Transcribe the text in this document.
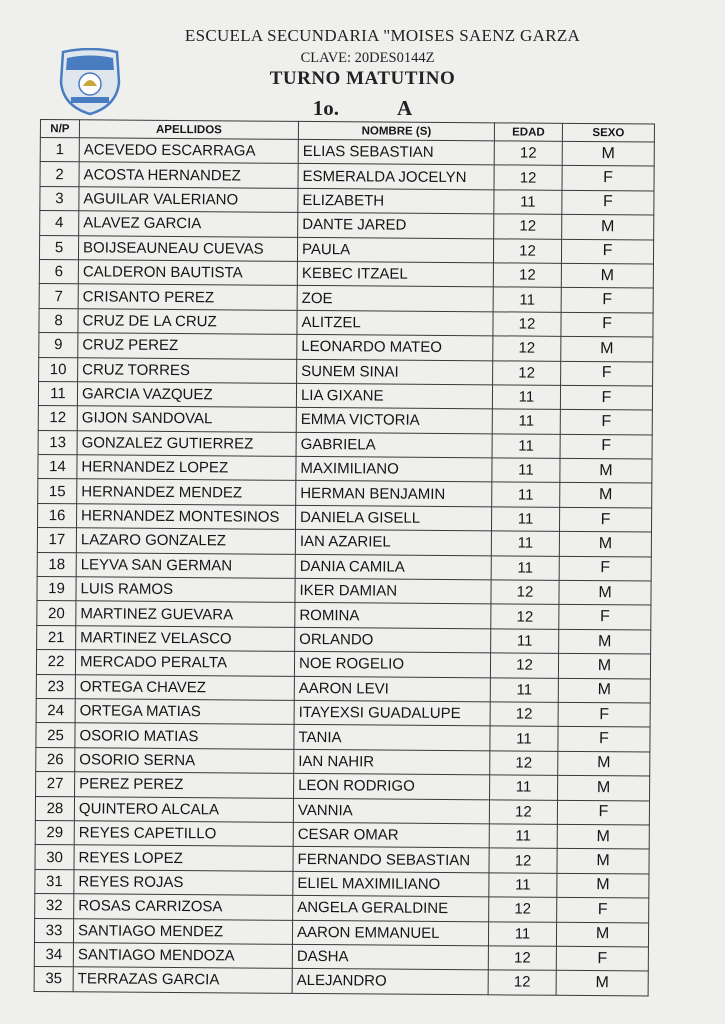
ESCUELA SECUNDARIA "MOISES SAENZ GARZA
CLAVE: 20DES0144Z
TURNO MATUTINO
1o.	A
N/P	APELLIDOS	NOMBRE (S)	EDAD	SEXO
1	ACEVEDO ESCARRAGA	ELIAS SEBASTIAN	12	M
2	ACOSTA HERNANDEZ	ESMERALDA JOCELYN	12	F
3	AGUILAR VALERIANO	ELIZABETH	11	F
4	ALAVEZ GARCIA	DANTE JARED	12	M
5	BOIJSEAUNEAU CUEVAS	PAULA	12	F
6	CALDERON BAUTISTA	KEBEC ITZAEL	12	M
7	CRISANTO PEREZ	ZOE	11	F
8	CRUZ DE LA CRUZ	ALITZEL	12	F
9	CRUZ PEREZ	LEONARDO MATEO	12	M
10	CRUZ TORRES	SUNEM SINAI	12	F
11	GARCIA VAZQUEZ	LIA GIXANE	11	F
12	GIJON SANDOVAL	EMMA VICTORIA	11	F
13	GONZALEZ GUTIERREZ	GABRIELA	11	F
14	HERNANDEZ LOPEZ	MAXIMILIANO	11	M
15	HERNANDEZ MENDEZ	HERMAN BENJAMIN	11	M
16	HERNANDEZ MONTESINOS	DANIELA GISELL	11	F
17	LAZARO GONZALEZ	IAN AZARIEL	11	M
18	LEYVA SAN GERMAN	DANIA CAMILA	11	F
19	LUIS RAMOS	IKER DAMIAN	12	M
20	MARTINEZ GUEVARA	ROMINA	12	F
21	MARTINEZ VELASCO	ORLANDO	11	M
22	MERCADO PERALTA	NOE ROGELIO	12	M
23	ORTEGA CHAVEZ	AARON LEVI	11	M
24	ORTEGA MATIAS	ITAYEXSI GUADALUPE	12	F
25	OSORIO MATIAS	TANIA	11	F
26	OSORIO SERNA	IAN NAHIR	12	M
27	PEREZ PEREZ	LEON RODRIGO	11	M
28	QUINTERO ALCALA	VANNIA	12	F
29	REYES CAPETILLO	CESAR OMAR	11	M
30	REYES LOPEZ	FERNANDO SEBASTIAN	12	M
31	REYES ROJAS	ELIEL MAXIMILIANO	11	M
32	ROSAS CARRIZOSA	ANGELA GERALDINE	12	F
33	SANTIAGO MENDEZ	AARON EMMANUEL	11	M
34	SANTIAGO MENDOZA	DASHA	12	F
35	TERRAZAS GARCIA	ALEJANDRO	12	M
